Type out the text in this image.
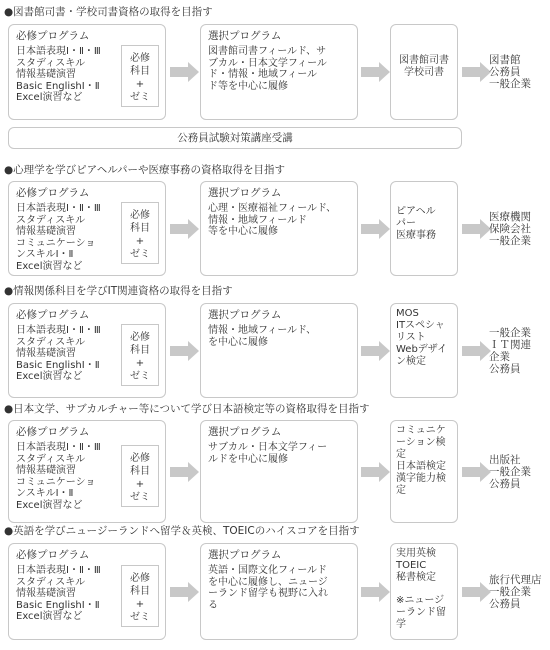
●図書館司書・学校司書資格の取得を目指す
必修プログラム
日本語表現Ⅰ・Ⅱ・Ⅲ
スタディスキル
情報基礎演習
Basic EnglishⅠ・Ⅱ
Excel演習など
必修
科目
+
ゼミ
選択プログラム
図書館司書フィールド、サ
ブカル・日本文学フィール
ド・情報・地域フィール
ド等を中心に履修
図書館司書
学校司書
図書館
公務員
一般企業
●心理学を学びピアヘルパーや医療事務の資格取得を目指す
必修プログラム
日本語表現Ⅰ・Ⅱ・Ⅲ
スタディスキル
情報基礎演習
コミュニケーショ
ンスキルⅠ・Ⅱ
Excel演習など
必修
科目
+
ゼミ
選択プログラム
心理・医療福祉フィールド、
情報・地域フィールド
等を中心に履修
ピアヘル
パー
医療事務
医療機関
保険会社
一般企業
●情報関係科目を学びIT関連資格の取得を目指す
必修プログラム
日本語表現Ⅰ・Ⅱ・Ⅲ
スタディスキル
情報基礎演習
Basic EnglishⅠ・Ⅱ
Excel演習など
必修
科目
+
ゼミ
選択プログラム
情報・地域フィールド、
を中心に履修
MOS
ITスペシャ
リスト
Webデザイ
ン検定
一般企業
ＩＴ関連
企業
公務員
●日本文学、サブカルチャー等について学び日本語検定等の資格取得を目指す
必修プログラム
日本語表現Ⅰ・Ⅱ・Ⅲ
スタディスキル
情報基礎演習
コミュニケーショ
ンスキルⅠ・Ⅱ
Excel演習など
必修
科目
+
ゼミ
選択プログラム
サブカル・日本文学フィー
ルドを中心に履修
コミュニケ
ーション検
定
日本語検定
漢字能力検
定
出版社
一般企業
公務員
●英語を学びニュージーランドへ留学＆英検、TOEICのハイスコアを目指す
必修プログラム
日本語表現Ⅰ・Ⅱ・Ⅲ
スタディスキル
情報基礎演習
Basic EnglishⅠ・Ⅱ
Excel演習など
必修
科目
+
ゼミ
選択プログラム
英語・国際文化フィールド
を中心に履修し、ニュージ
ーランド留学も視野に入れ
る
実用英検
TOEIC
秘書検定
※ニュージ
ーランド留
学
旅行代理店
一般企業
公務員
公務員試験対策講座受講
